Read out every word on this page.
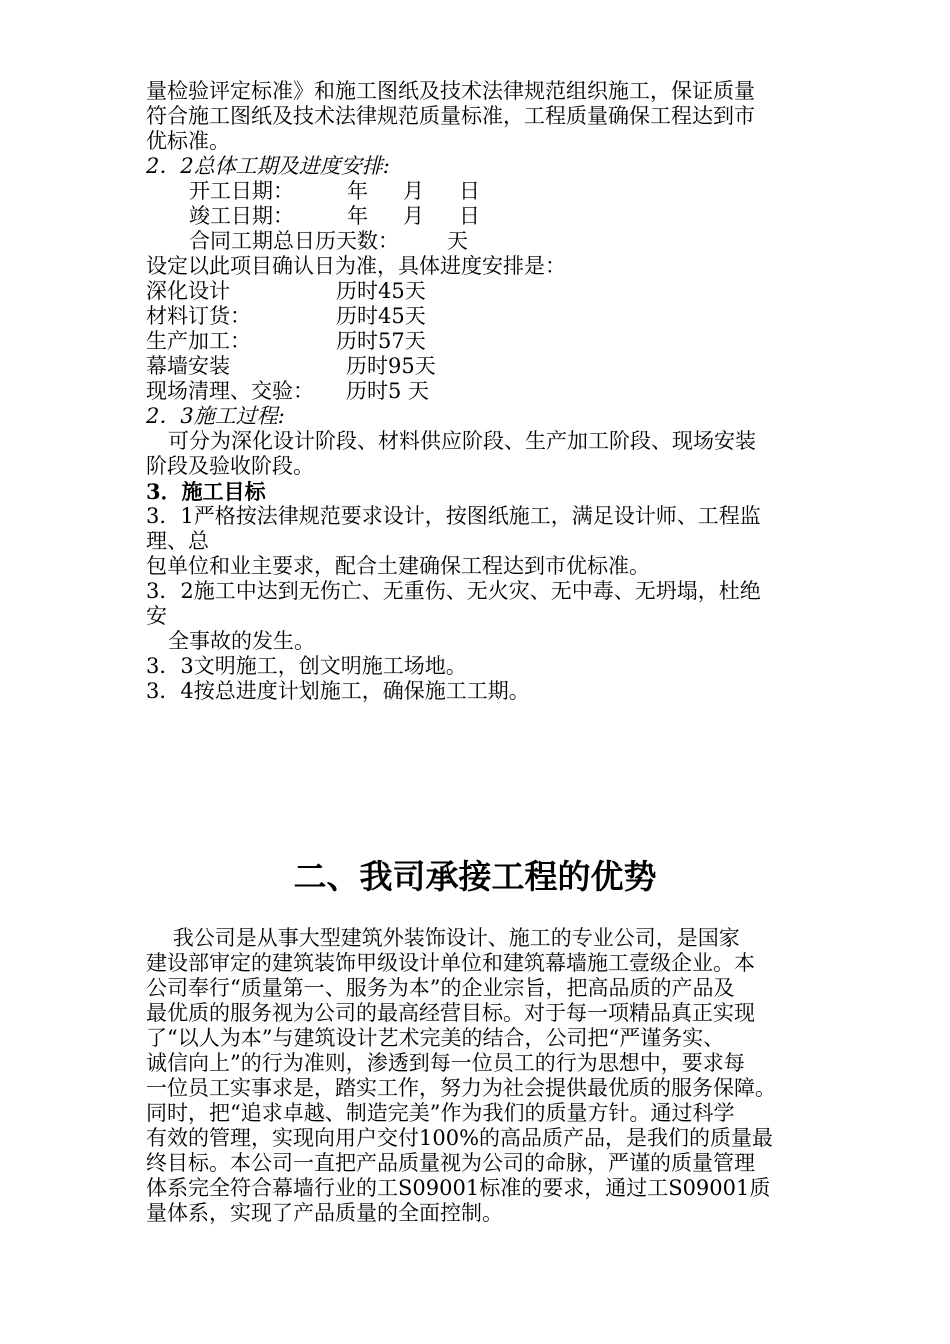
量检验评定标准》和施工图纸及技术法律规范组织施工，保证质量
符合施工图纸及技术法律规范质量标准，工程质量确保工程达到市
优标准。
2．2总体工期及进度安排:
开工日期：	年 月 日
竣工日期：	年 月 日
合同工期总日历天数： 天
设定以此项目确认日为准，具体进度安排是：
深化设计	历时45天
材料订货：	历时45天
生产加工：	历时57天
幕墙安装	历时95天
现场清理、交验： 历时5 天
2．3施工过程:
可分为深化设计阶段、材料供应阶段、生产加工阶段、现场安装
阶段及验收阶段。
3．施工目标
3．1严格按法律规范要求设计，按图纸施工，满足设计师、工程监
理、总
包单位和业主要求，配合土建确保工程达到市优标准。
3．2施工中达到无伤亡、无重伤、无火灾、无中毒、无坍塌，杜绝
安
全事故的发生。
3．3文明施工，创文明施工场地。
3．4按总进度计划施工，确保施工工期。
二、我司承接工程的优势
我公司是从事大型建筑外装饰设计、施工的专业公司，是国家
建设部审定的建筑装饰甲级设计单位和建筑幕墙施工壹级企业。本
公司奉行“质量第一、服务为本”的企业宗旨，把高品质的产品及
最优质的服务视为公司的最高经营目标。对于每一项精品真正实现
了“以人为本”与建筑设计艺术完美的结合，公司把“严谨务实、
诚信向上”的行为准则，渗透到每一位员工的行为思想中，要求每
一位员工实事求是，踏实工作，努力为社会提供最优质的服务保障。
同时，把“追求卓越、制造完美”作为我们的质量方针。通过科学
有效的管理，实现向用户交付100%的高品质产品，是我们的质量最
终目标。本公司一直把产品质量视为公司的命脉，严谨的质量管理
体系完全符合幕墙行业的工S09001标准的要求，通过工S09001质
量体系，实现了产品质量的全面控制。
